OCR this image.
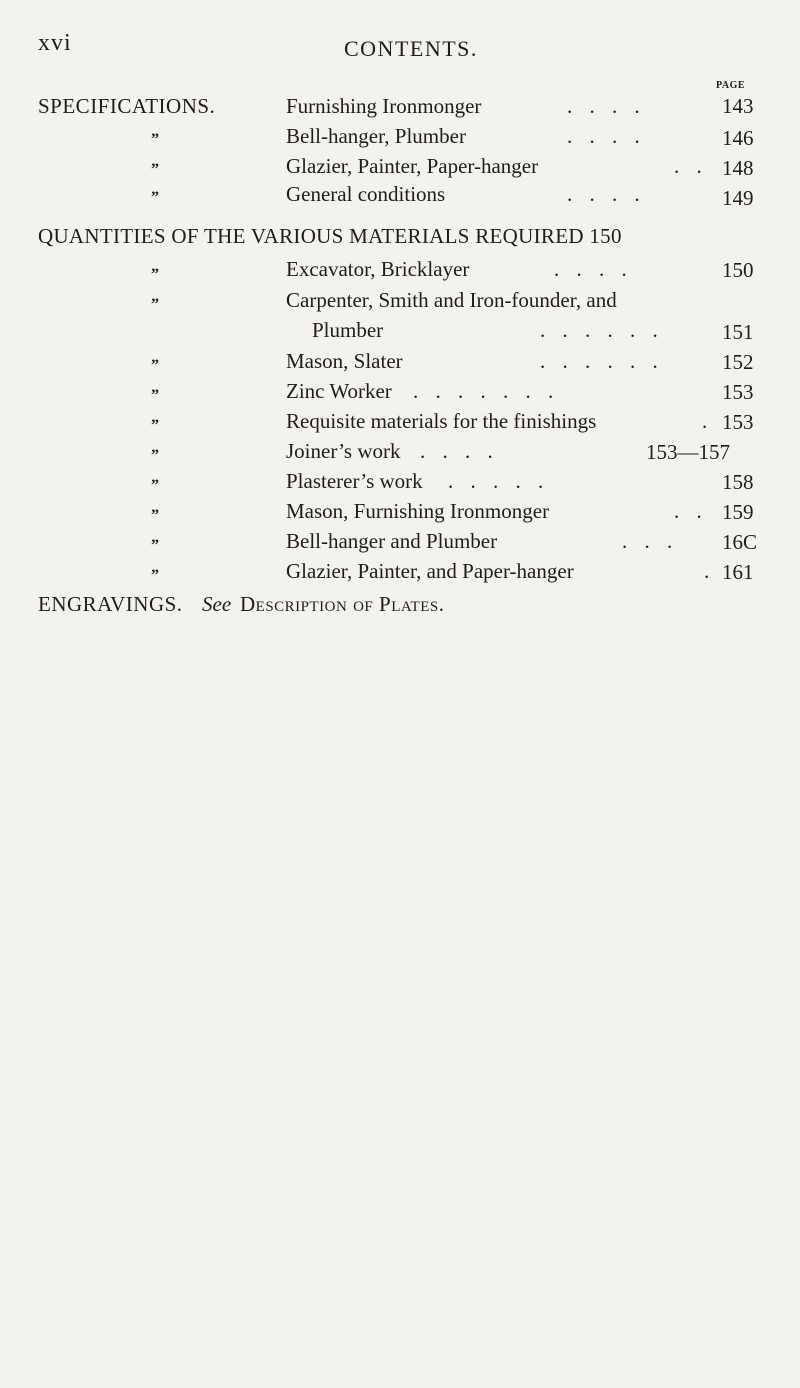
xvi	CONTENTS.
PAGE
SPECIFICATIONS.	Furnishing Ironmonger	. . . .	143
”	Bell-hanger, Plumber	. . . .	146
”	Glazier, Painter, Paper-hanger	. . 148
”	General conditions	. . . .	149
QUANTITIES OF THE VARIOUS MATERIALS REQUIRED 150
”	Excavator, Bricklayer	. . . .	150
”	Carpenter, Smith and Iron-founder, and
Plumber	. . . . . .	151
”	Mason, Slater	. . . . . .	152
”	Zinc Worker . . . . . . .	153
”	Requisite materials for the finishings	. 153
”	Joiner’s work . . . .	153—157
”	Plasterer’s work . . . . .	158
”	Mason, Furnishing Ironmonger	. . 159
”	Bell-hanger and Plumber	. . . 16C
”	Glazier, Painter, and Paper-hanger	. 161
ENGRAVINGS. See Description of Plates.
